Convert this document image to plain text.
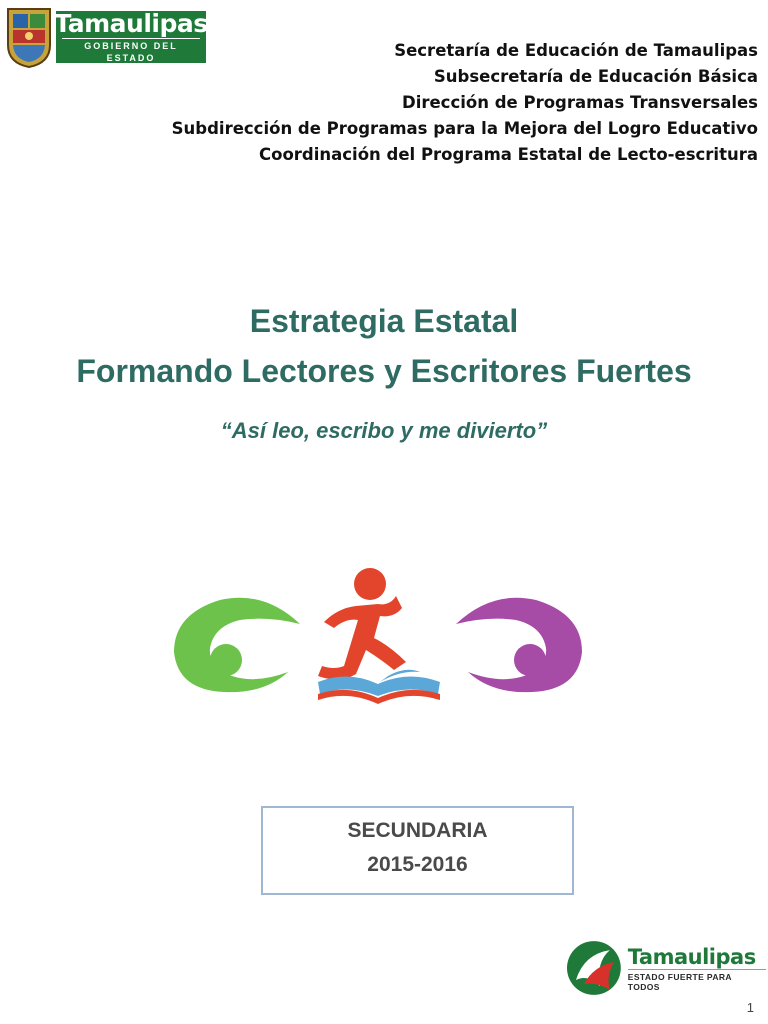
Tamaulipas
GOBIERNO DEL ESTADO	Secretaría de Educación de Tamaulipas
Subsecretaría de Educación Básica
Dirección de Programas Transversales
Subdirección de Programas para la Mejora del Logro Educativo
Coordinación del Programa Estatal de Lecto-escritura
Estrategia Estatal
Formando Lectores y Escritores Fuertes
“Así leo, escribo y me divierto”
SECUNDARIA
2015-2016
Tamaulipas
ESTADO FUERTE PARA TODOS
1
